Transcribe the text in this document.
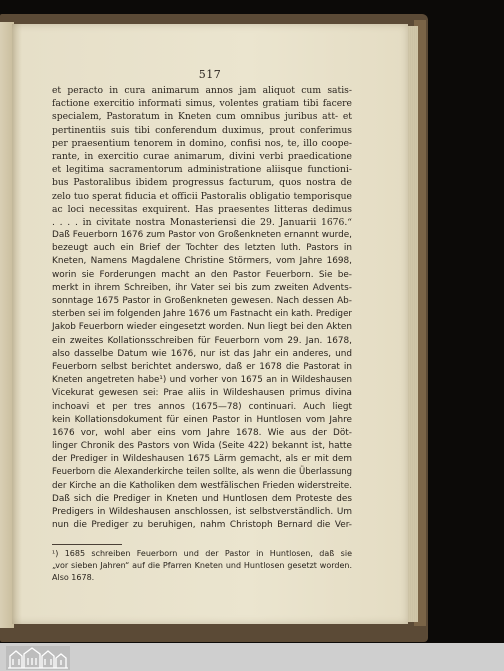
517
et peracto in cura animarum annos jam aliquot cum satis-
factione exercitio informati simus, volentes gratiam tibi facere
specialem, Pastoratum in Kneten cum omnibus juribus att- et
pertinentiis suis tibi conferendum duximus, prout conferimus
per praesentium tenorem in domino, confisi nos, te, illo coope-
rante, in exercitio curae animarum, divini verbi praedicatione
et legitima sacramentorum administratione aliisque functioni-
bus Pastoralibus ibidem progressus facturum, quos nostra de
zelo tuo sperat fiducia et officii Pastoralis obligatio temporisque
ac loci necessitas exquirent. Has praesentes litteras dedimus
. . . . in civitate nostra Monasteriensi die 29. Januarii 1676.“
Daß Feuerborn 1676 zum Pastor von Großenkneten ernannt wurde,
bezeugt auch ein Brief der Tochter des letzten luth. Pastors in
Kneten, Namens Magdalene Christine Störmers, vom Jahre 1698,
worin sie Forderungen macht an den Pastor Feuerborn. Sie be-
merkt in ihrem Schreiben, ihr Vater sei bis zum zweiten Advents-
sonntage 1675 Pastor in Großenkneten gewesen. Nach dessen Ab-
sterben sei im folgenden Jahre 1676 um Fastnacht ein kath. Prediger
Jakob Feuerborn wieder eingesetzt worden. Nun liegt bei den Akten
ein zweites Kollationsschreiben für Feuerborn vom 29. Jan. 1678,
also dasselbe Datum wie 1676, nur ist das Jahr ein anderes, und
Feuerborn selbst berichtet anderswo, daß er 1678 die Pastorat in
Kneten angetreten habe¹) und vorher von 1675 an in Wildeshausen
Vicekurat gewesen sei: Prae aliis in Wildeshausen primus divina
inchoavi et per tres annos (1675—78) continuari. Auch liegt
kein Kollationsdokument für einen Pastor in Huntlosen vom Jahre
1676 vor, wohl aber eins vom Jahre 1678. Wie aus der Döt-
linger Chronik des Pastors von Wida (Seite 422) bekannt ist, hatte
der Prediger in Wildeshausen 1675 Lärm gemacht, als er mit dem
Feuerborn die Alexanderkirche teilen sollte, als wenn die Überlassung
der Kirche an die Katholiken dem westfälischen Frieden widerstreite.
Daß sich die Prediger in Kneten und Huntlosen dem Proteste des
Predigers in Wildeshausen anschlossen, ist selbstverständlich. Um
nun die Prediger zu beruhigen, nahm Christoph Bernard die Ver-
¹) 1685 schreiben Feuerborn und der Pastor in Huntlosen, daß sie
„vor sieben Jahren“ auf die Pfarren Kneten und Huntlosen gesetzt worden.
Also 1678.
